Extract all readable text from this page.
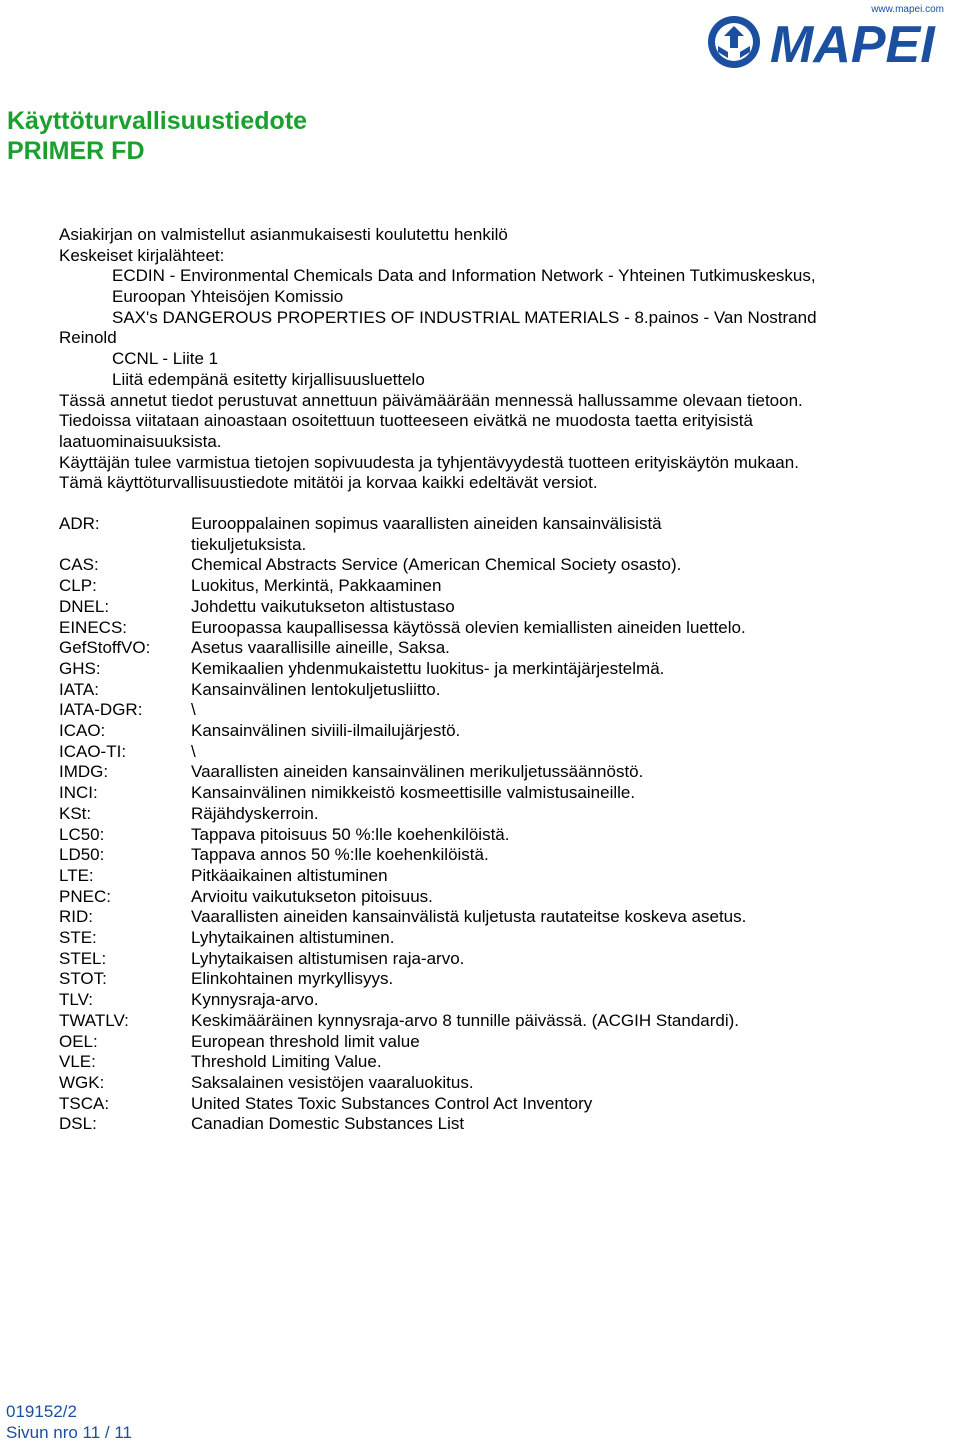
www.mapei.com
MAPEI
Käyttöturvallisuustiedote
PRIMER FD
Asiakirjan on valmistellut asianmukaisesti koulutettu henkilö
Keskeiset kirjalähteet:
ECDIN - Environmental Chemicals Data and Information Network - Yhteinen Tutkimuskeskus,
Euroopan Yhteisöjen Komissio
SAX's DANGEROUS PROPERTIES OF INDUSTRIAL MATERIALS - 8.painos - Van Nostrand
Reinold
CCNL - Liite 1
Liitä edempänä esitetty kirjallisuusluettelo
Tässä annetut tiedot perustuvat annettuun päivämäärään mennessä hallussamme olevaan tietoon.
Tiedoissa viitataan ainoastaan osoitettuun tuotteeseen eivätkä ne muodosta taetta erityisistä
laatuominaisuuksista.
Käyttäjän tulee varmistua tietojen sopivuudesta ja tyhjentävyydestä tuotteen erityiskäytön mukaan.
Tämä käyttöturvallisuustiedote mitätöi ja korvaa kaikki edeltävät versiot.
ADR:	Eurooppalainen sopimus vaarallisten aineiden kansainvälisistä tiekuljetuksista.
CAS:	Chemical Abstracts Service (American Chemical Society osasto).
CLP:	Luokitus, Merkintä, Pakkaaminen
DNEL:	Johdettu vaikutukseton altistustaso
EINECS:	Euroopassa kaupallisessa käytössä olevien kemiallisten aineiden luettelo.
GefStoffVO:	Asetus vaarallisille aineille, Saksa.
GHS:	Kemikaalien yhdenmukaistettu luokitus- ja merkintäjärjestelmä.
IATA:	Kansainvälinen lentokuljetusliitto.
IATA-DGR:	\
ICAO:	Kansainvälinen siviili-ilmailujärjestö.
ICAO-TI:	\
IMDG:	Vaarallisten aineiden kansainvälinen merikuljetussäännöstö.
INCI:	Kansainvälinen nimikkeistö kosmeettisille valmistusaineille.
KSt:	Räjähdyskerroin.
LC50:	Tappava pitoisuus 50 %:lle koehenkilöistä.
LD50:	Tappava annos 50 %:lle koehenkilöistä.
LTE:	Pitkäaikainen altistuminen
PNEC:	Arvioitu vaikutukseton pitoisuus.
RID:	Vaarallisten aineiden kansainvälistä kuljetusta rautateitse koskeva asetus.
STE:	Lyhytaikainen altistuminen.
STEL:	Lyhytaikaisen altistumisen raja-arvo.
STOT:	Elinkohtainen myrkyllisyys.
TLV:	Kynnysraja-arvo.
TWATLV:	Keskimääräinen kynnysraja-arvo 8 tunnille päivässä. (ACGIH Standardi).
OEL:	European threshold limit value
VLE:	Threshold Limiting Value.
WGK:	Saksalainen vesistöjen vaaraluokitus.
TSCA:	United States Toxic Substances Control Act Inventory
DSL:	Canadian Domestic Substances List
019152/2
Sivun nro 11 / 11
